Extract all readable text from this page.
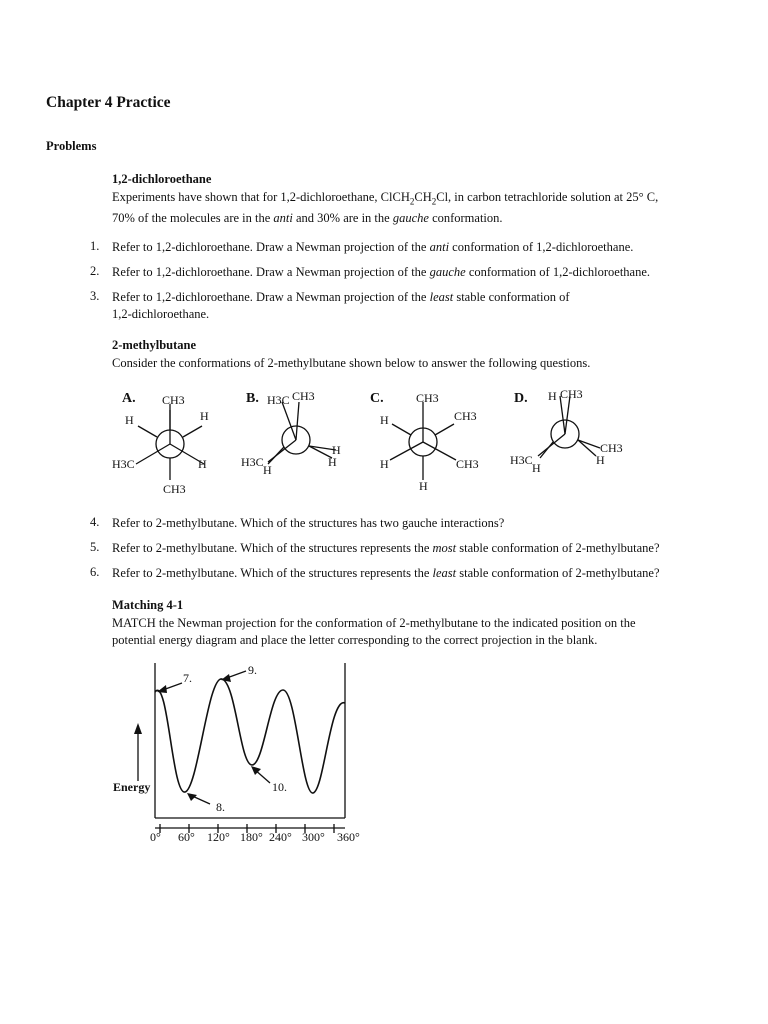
Chapter 4 Practice
Problems
1,2-dichloroethane
Experiments have shown that for 1,2-dichloroethane, $ClCH_2CH_2Cl$, in carbon tetrachloride solution at 25° C,
70% of the molecules are in the anti and 30% are in the gauche conformation.
1. Refer to 1,2-dichloroethane. Draw a Newman projection of the anti conformation of 1,2-dichloroethane.
2. Refer to 1,2-dichloroethane. Draw a Newman projection of the gauche conformation of 1,2-dichloroethane.
3. Refer to 1,2-dichloroethane. Draw a Newman projection of the least stable conformation of
1,2-dichloroethane.
2-methylbutane
Consider the conformations of 2-methylbutane shown below to answer the following questions.
A. CH3
H	H
H3C	H
CH3
B. H3C CH3
H3C
H
H
H
C.	CH3
H	CH3
H	CH3
H
D. H CH3
CH3
H
H3C
H
4. Refer to 2-methylbutane. Which of the structures has two gauche interactions?
5. Refer to 2-methylbutane. Which of the structures represents the most stable conformation of 2-methylbutane?
6. Refer to 2-methylbutane. Which of the structures represents the least stable conformation of 2-methylbutane?
Matching 4-1
MATCH the Newman projection for the conformation of 2-methylbutane to the indicated position on the
potential energy diagram and place the letter corresponding to the correct projection in the blank.
Energy
7.
8.
9.
10.
0° 60° 120° 180° 240° 300° 360°
